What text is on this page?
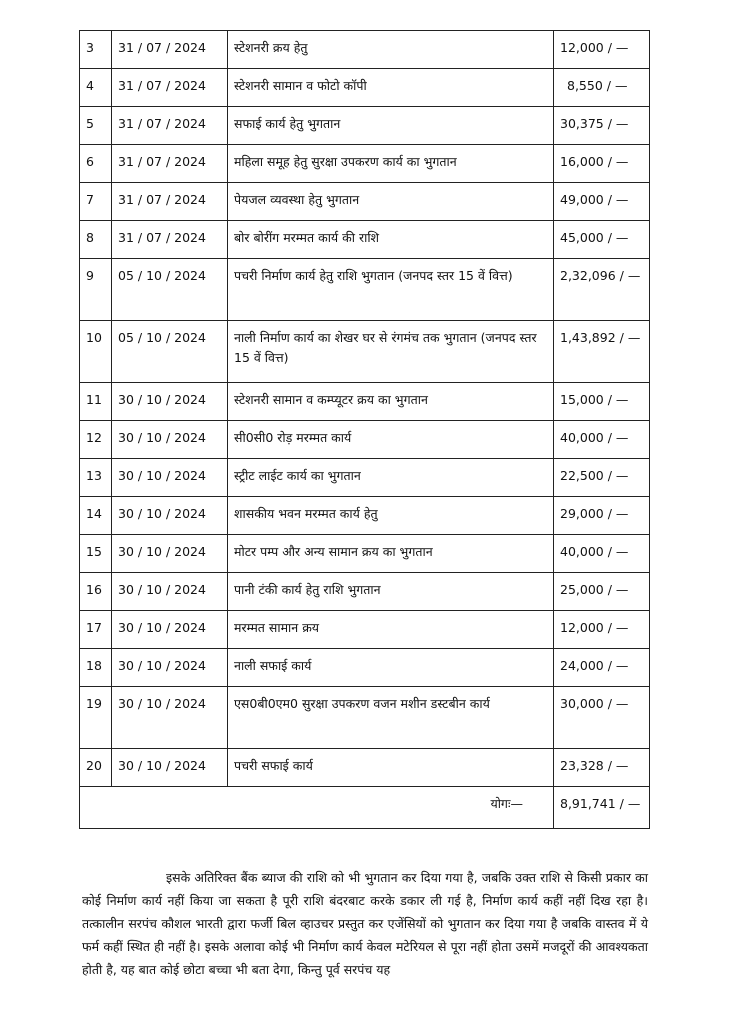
3	31 / 07 / 2024	स्टेशनरी क्रय हेतु	12,000 / —
4	31 / 07 / 2024	स्टेशनरी सामान व फोटो कॉपी	8,550 / —
5	31 / 07 / 2024	सफाई कार्य हेतु भुगतान	30,375 / —
6	31 / 07 / 2024	महिला समूह हेतु सुरक्षा उपकरण कार्य का भुगतान	16,000 / —
7	31 / 07 / 2024	पेयजल व्यवस्था हेतु भुगतान	49,000 / —
8	31 / 07 / 2024	बोर बोरींग मरम्मत कार्य की राशि	45,000 / —
9	05 / 10 / 2024	पचरी निर्माण कार्य हेतु राशि भुगतान (जनपद स्तर 15 वें वित्त)	2,32,096 / —
10	05 / 10 / 2024	नाली निर्माण कार्य का शेखर घर से रंगमंच तक भुगतान (जनपद स्तर 15 वें वित्त)	1,43,892 / —
11	30 / 10 / 2024	स्टेशनरी सामान व कम्प्यूटर क्रय का भुगतान	15,000 / —
12	30 / 10 / 2024	सी0सी0 रोड़ मरम्मत कार्य	40,000 / —
13	30 / 10 / 2024	स्ट्रीट लाईट कार्य का भुगतान	22,500 / —
14	30 / 10 / 2024	शासकीय भवन मरम्मत कार्य हेतु	29,000 / —
15	30 / 10 / 2024	मोटर पम्प और अन्य सामान क्रय का भुगतान	40,000 / —
16	30 / 10 / 2024	पानी टंकी कार्य हेतु राशि भुगतान	25,000 / —
17	30 / 10 / 2024	मरम्मत सामान क्रय	12,000 / —
18	30 / 10 / 2024	नाली सफाई कार्य	24,000 / —
19	30 / 10 / 2024	एस0बी0एम0 सुरक्षा उपकरण वजन मशीन डस्टबीन कार्य	30,000 / —
20	30 / 10 / 2024	पचरी सफाई कार्य	23,328 / —
योगः—			8,91,741 / —

इसके अतिरिक्त बैंक ब्याज की राशि को भी भुगतान कर दिया गया है, जबकि उक्त राशि से किसी प्रकार का कोई निर्माण कार्य नहीं किया जा सकता है पूरी राशि बंदरबाट करके डकार ली गई है, निर्माण कार्य कहीं नहीं दिख रहा है। तत्कालीन सरपंच कौशल भारती द्वारा फर्जी बिल व्हाउचर प्रस्तुत कर एजेंसियों को भुगतान कर दिया गया है जबकि वास्तव में ये फर्म कहीं स्थित ही नहीं है। इसके अलावा कोई भी निर्माण कार्य केवल मटेरियल से पूरा नहीं होता उसमें मजदूरों की आवश्यकता होती है, यह बात कोई छोटा बच्चा भी बता देगा, किन्तु पूर्व सरपंच यह
